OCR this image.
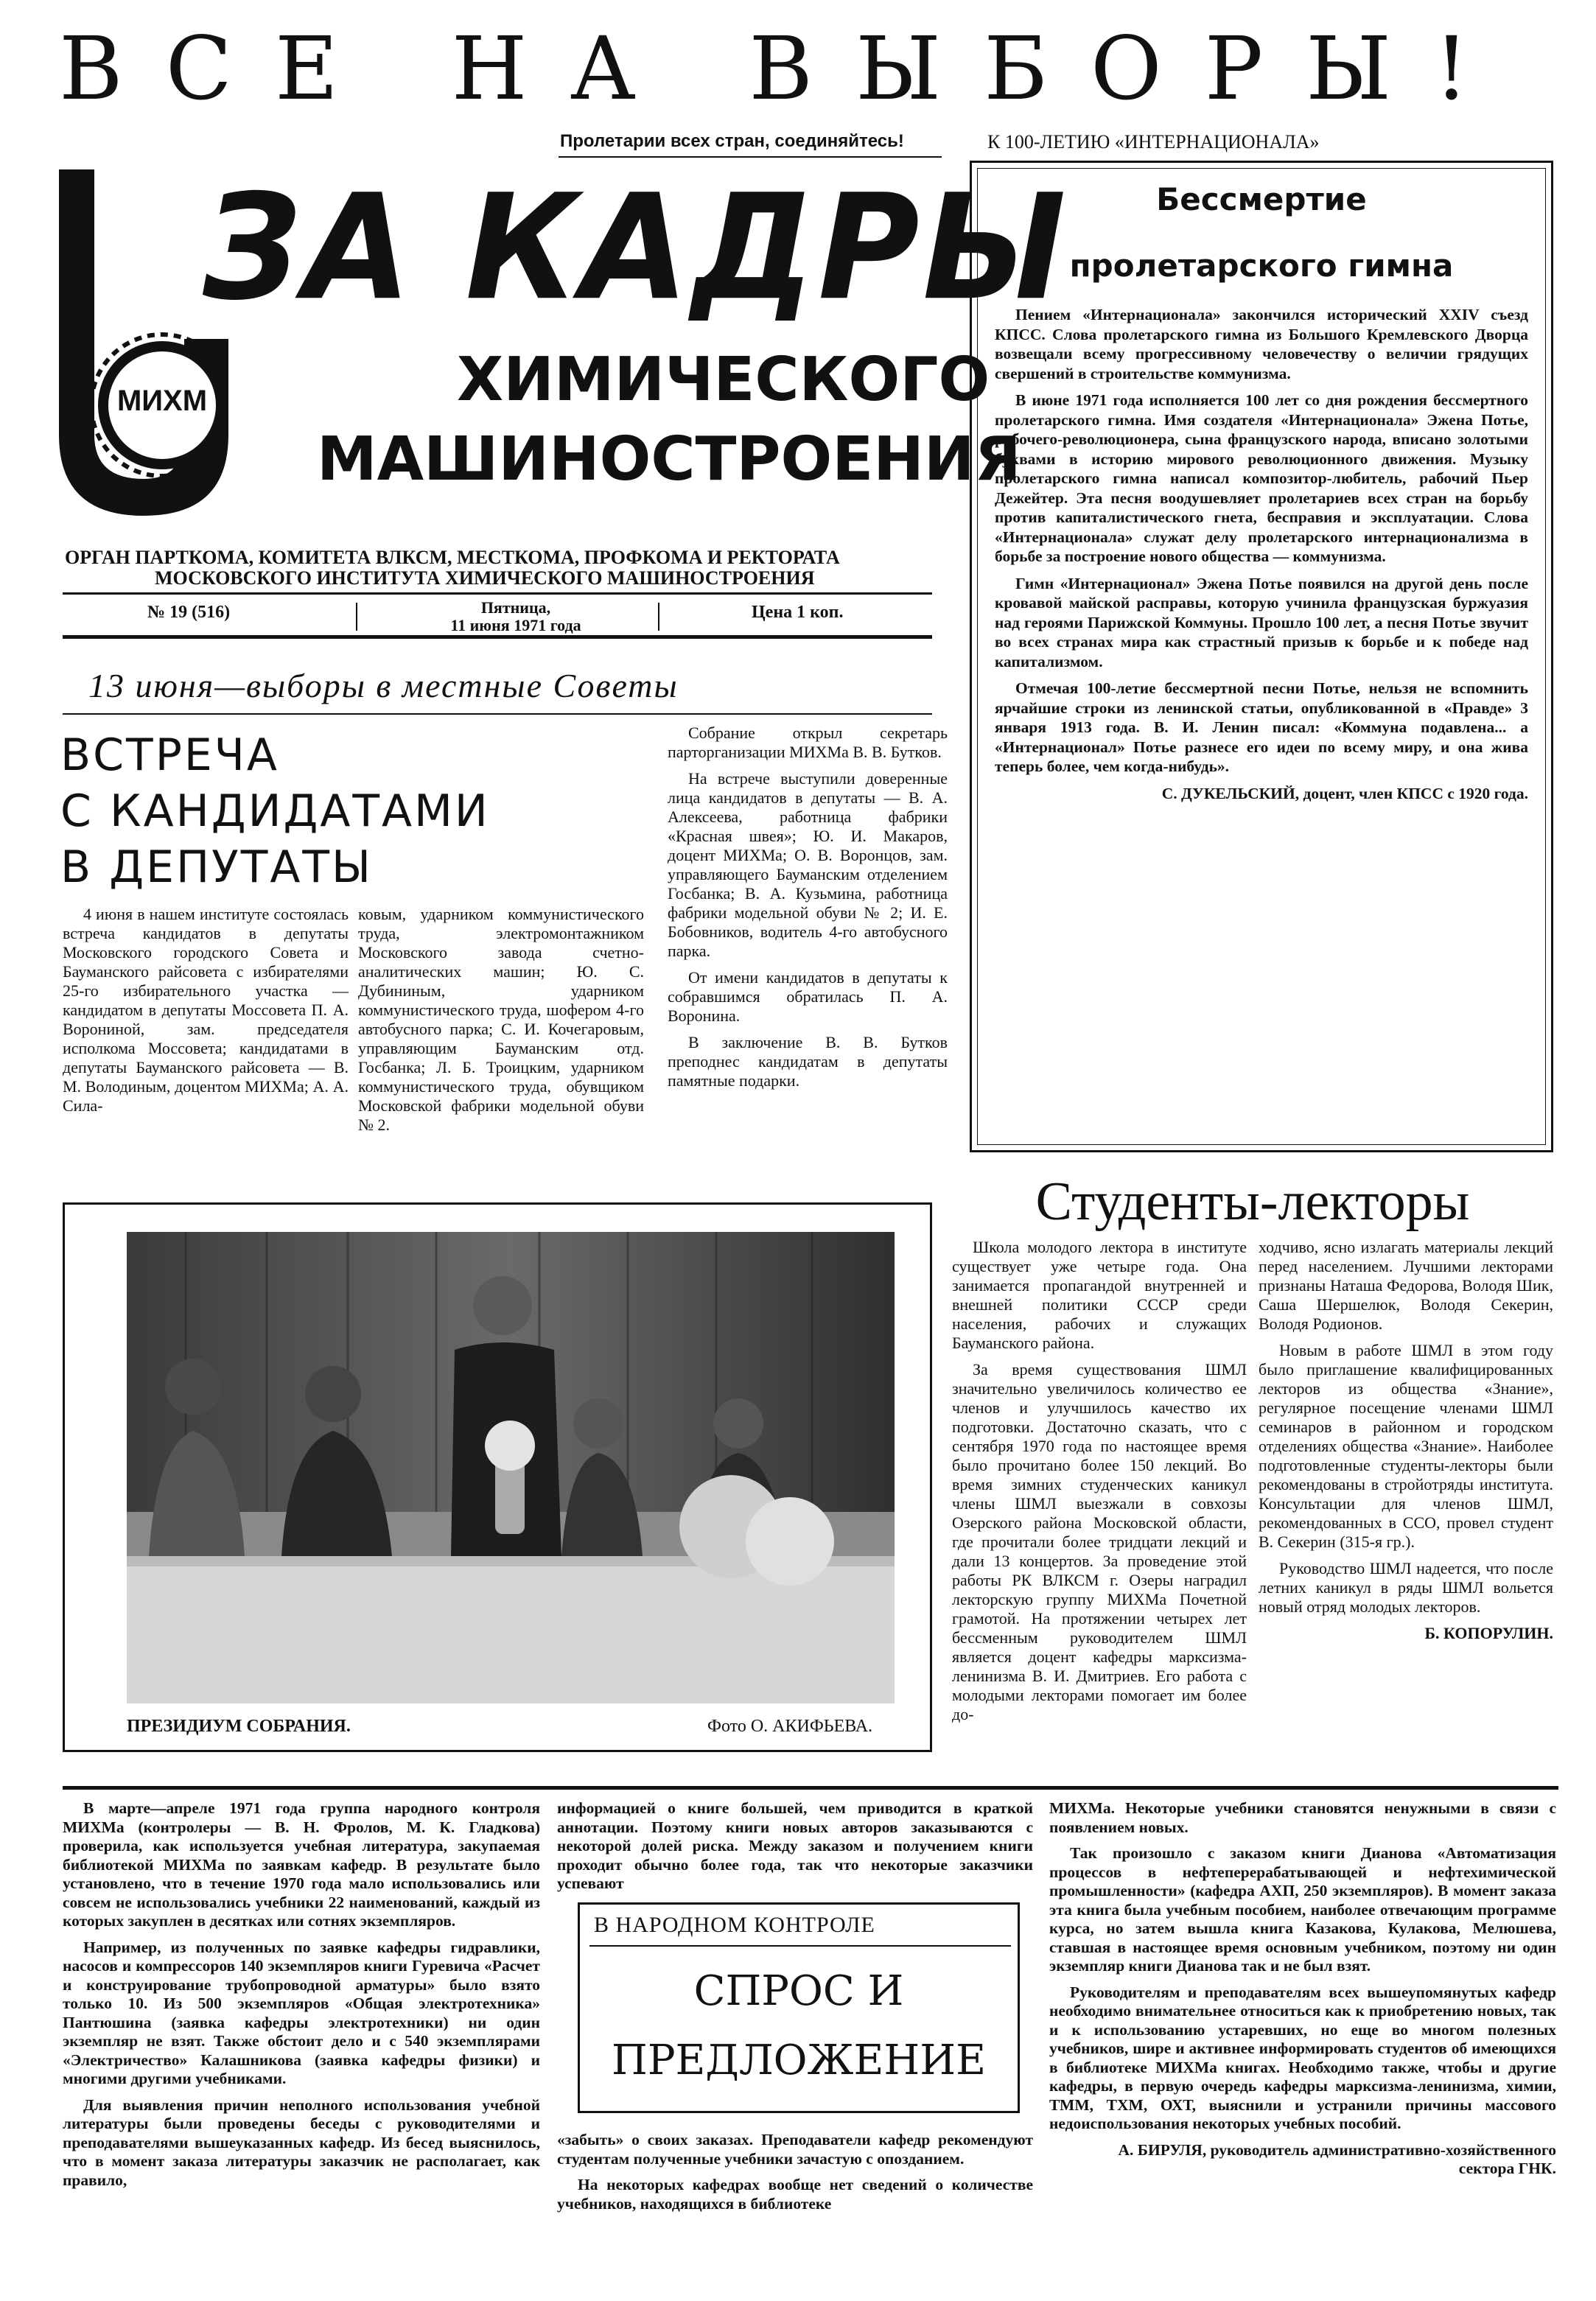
ВСЕ НА ВЫБОРЫ!
Пролетарии всех стран, соединяйтесь!
МИХМ
ЗА КАДРЫ
ХИМИЧЕСКОГО
МАШИНОСТРОЕНИЯ
ОРГАН ПАРТКОМА, КОМИТЕТА ВЛКСМ, МЕСТКОМА, ПРОФКОМА И РЕКТОРАТА
МОСКОВСКОГО ИНСТИТУТА ХИМИЧЕСКОГО МАШИНОСТРОЕНИЯ
№ 19 (516)	Пятница,
11 июня 1971 года
Цена 1 коп.
К 100-ЛЕТИЮ «ИНТЕРНАЦИОНАЛА»
Бессмертие
пролетарского гимна

Пением «Интернационала» закончился исторический XXIV съезд КПСС. Слова пролетарского гимна из Большого Кремлевского Дворца возвещали всему прогрессивному человечеству о величии грядущих свершений в строительстве коммунизма.

В июне 1971 года исполняется 100 лет со дня рождения бессмертного пролетарского гимна. Имя создателя «Интернационала» Эжена Потье, рабочего-революционера, сына французского народа, вписано золотыми буквами в историю мирового революционного движения. Музыку пролетарского гимна написал композитор-любитель, рабочий Пьер Дежейтер. Эта песня воодушевляет пролетариев всех стран на борьбу против капиталистического гнета, бесправия и эксплуатации. Слова «Интернационала» служат делу пролетарского интернационализма в борьбе за построение нового общества — коммунизма.

Гимн «Интернационал» Эжена Потье появился на другой день после кровавой майской расправы, которую учинила французская буржуазия над героями Парижской Коммуны. Прошло 100 лет, а песня Потье звучит во всех странах мира как страстный призыв к борьбе и к победе над капитализмом.

Отмечая 100-летие бессмертной песни Потье, нельзя не вспомнить ярчайшие строки из ленинской статьи, опубликованной в «Правде» 3 января 1913 года. В. И. Ленин писал: «Коммуна подавлена... а «Интернационал» Потье разнесе его идеи по всему миру, и она жива теперь более, чем когда-нибудь».

С. ДУКЕЛЬСКИЙ, доцент, член КПСС с 1920 года.

13 июня—выборы в местные Советы
ВСТРЕЧА
С КАНДИДАТАМИ
В ДЕПУТАТЫ

4 июня в нашем институте состоялась встреча кандидатов в депутаты Московского городского Совета и Бауманского райсовета с избирателями 25-го избирательного участка — кандидатом в депутаты Моссовета П. А. Ворониной, зам. председателя исполкома Моссовета; кандидатами в депутаты Бауманского райсовета — В. М. Володиным, доцентом МИХМа; А. А. Сила-

ковым, ударником коммунистического труда, электромонтажником Московского завода счетно-аналитических машин; Ю. С. Дубининым, ударником коммунистического труда, шофером 4-го автобусного парка; С. И. Кочегаровым, управляющим Бауманским отд. Госбанка; Л. Б. Троицким, ударником коммунистического труда, обувщиком Московской фабрики модельной обуви № 2.

Собрание открыл секретарь парторганизации МИХМа В. В. Бутков.

На встрече выступили доверенные лица кандидатов в депутаты — В. А. Алексеева, работница фабрики «Красная швея»; Ю. И. Макаров, доцент МИХМа; О. В. Воронцов, зам. управляющего Бауманским отделением Госбанка; В. А. Кузьмина, работница фабрики модельной обуви № 2; И. Е. Бобовников, водитель 4-го автобусного парка.

От имени кандидатов в депутаты к собравшимся обратилась П. А. Воронина.

В заключение В. В. Бутков преподнес кандидатам в депутаты памятные подарки.

ПРЕЗИДИУМ СОБРАНИЯ.	Фото О. АКИФЬЕВА.
Студенты-лекторы

Школа молодого лектора в институте существует уже четыре года. Она занимается пропагандой внутренней и внешней политики СССР среди населения, рабочих и служащих Бауманского района.

За время существования ШМЛ значительно увеличилось количество ее членов и улучшилось качество их подготовки. Достаточно сказать, что с сентября 1970 года по настоящее время было прочитано более 150 лекций. Во время зимних студенческих каникул члены ШМЛ выезжали в совхозы Озерского района Московской области, где прочитали более тридцати лекций и дали 13 концертов. За проведение этой работы РК ВЛКСМ г. Озеры наградил лекторскую группу МИХМа Почетной грамотой. На протяжении четырех лет бессменным руководителем ШМЛ является доцент кафедры марксизма-ленинизма В. И. Дмитриев. Его работа с молодыми лекторами помогает им более до-

ходчиво, ясно излагать материалы лекций перед населением. Лучшими лекторами признаны Наташа Федорова, Володя Шик, Саша Шершелюк, Володя Секерин, Володя Родионов.

Новым в работе ШМЛ в этом году было приглашение квалифицированных лекторов из общества «Знание», регулярное посещение членами ШМЛ семинаров в районном и городском отделениях общества «Знание». Наиболее подготовленные студенты-лекторы были рекомендованы в стройотряды института. Консультации для членов ШМЛ, рекомендованных в ССО, провел студент В. Секерин (315-я гр.).

Руководство ШМЛ надеется, что после летних каникул в ряды ШМЛ вольется новый отряд молодых лекторов.

Б. КОПОРУЛИН.

В марте—апреле 1971 года группа народного контроля МИХМа (контролеры — В. Н. Фролов, М. К. Гладкова) проверила, как используется учебная литература, закупаемая библиотекой МИХМа по заявкам кафедр. В результате было установлено, что в течение 1970 года мало использовались или совсем не использовались учебники 22 наименований, каждый из которых закуплен в десятках или сотнях экземпляров.

Например, из полученных по заявке кафедры гидравлики, насосов и компрессоров 140 экземпляров книги Гуревича «Расчет и конструирование трубопроводной арматуры» было взято только 10. Из 500 экземпляров «Общая электротехника» Пантюшина (заявка кафедры электротехники) ни один экземпляр не взят. Также обстоит дело и с 540 экземплярами «Электричество» Калашникова (заявка кафедры физики) и многими другими учебниками.

Для выявления причин неполного использования учебной литературы были проведены беседы с руководителями и преподавателями вышеуказанных кафедр. Из бесед выяснилось, что в момент заказа литературы заказчик не располагает, как правило,

информацией о книге большей, чем приводится в краткой аннотации. Поэтому книги новых авторов заказываются с некоторой долей риска. Между заказом и получением книги проходит обычно более года, так что некоторые заказчики успевают

В НАРОДНОМ КОНТРОЛЕ
СПРОС И
ПРЕДЛОЖЕНИЕ

«забыть» о своих заказах. Преподаватели кафедр рекомендуют студентам полученные учебники зачастую с опозданием.

На некоторых кафедрах вообще нет сведений о количестве учебников, находящихся в библиотеке

МИХМа. Некоторые учебники становятся ненужными в связи с появлением новых.

Так произошло с заказом книги Дианова «Автоматизация процессов в нефтеперерабатывающей и нефтехимической промышленности» (кафедра АХП, 250 экземпляров). В момент заказа эта книга была учебным пособием, наиболее отвечающим программе курса, но затем вышла книга Казакова, Кулакова, Мелюшева, ставшая в настоящее время основным учебником, поэтому ни один экземпляр книги Дианова так и не был взят.

Руководителям и преподавателям всех вышеупомянутых кафедр необходимо внимательнее относиться как к приобретению новых, так и к использованию устаревших, но еще во многом полезных учебников, шире и активнее информировать студентов об имеющихся в библиотеке МИХМа книгах. Необходимо также, чтобы и другие кафедры, в первую очередь кафедры марксизма-ленинизма, химии, ТММ, ТХМ, ОХТ, выяснили и устранили причины массового недоиспользования некоторых учебных пособий.

А. БИРУЛЯ, руководитель административно-хозяйственного сектора ГНК.
